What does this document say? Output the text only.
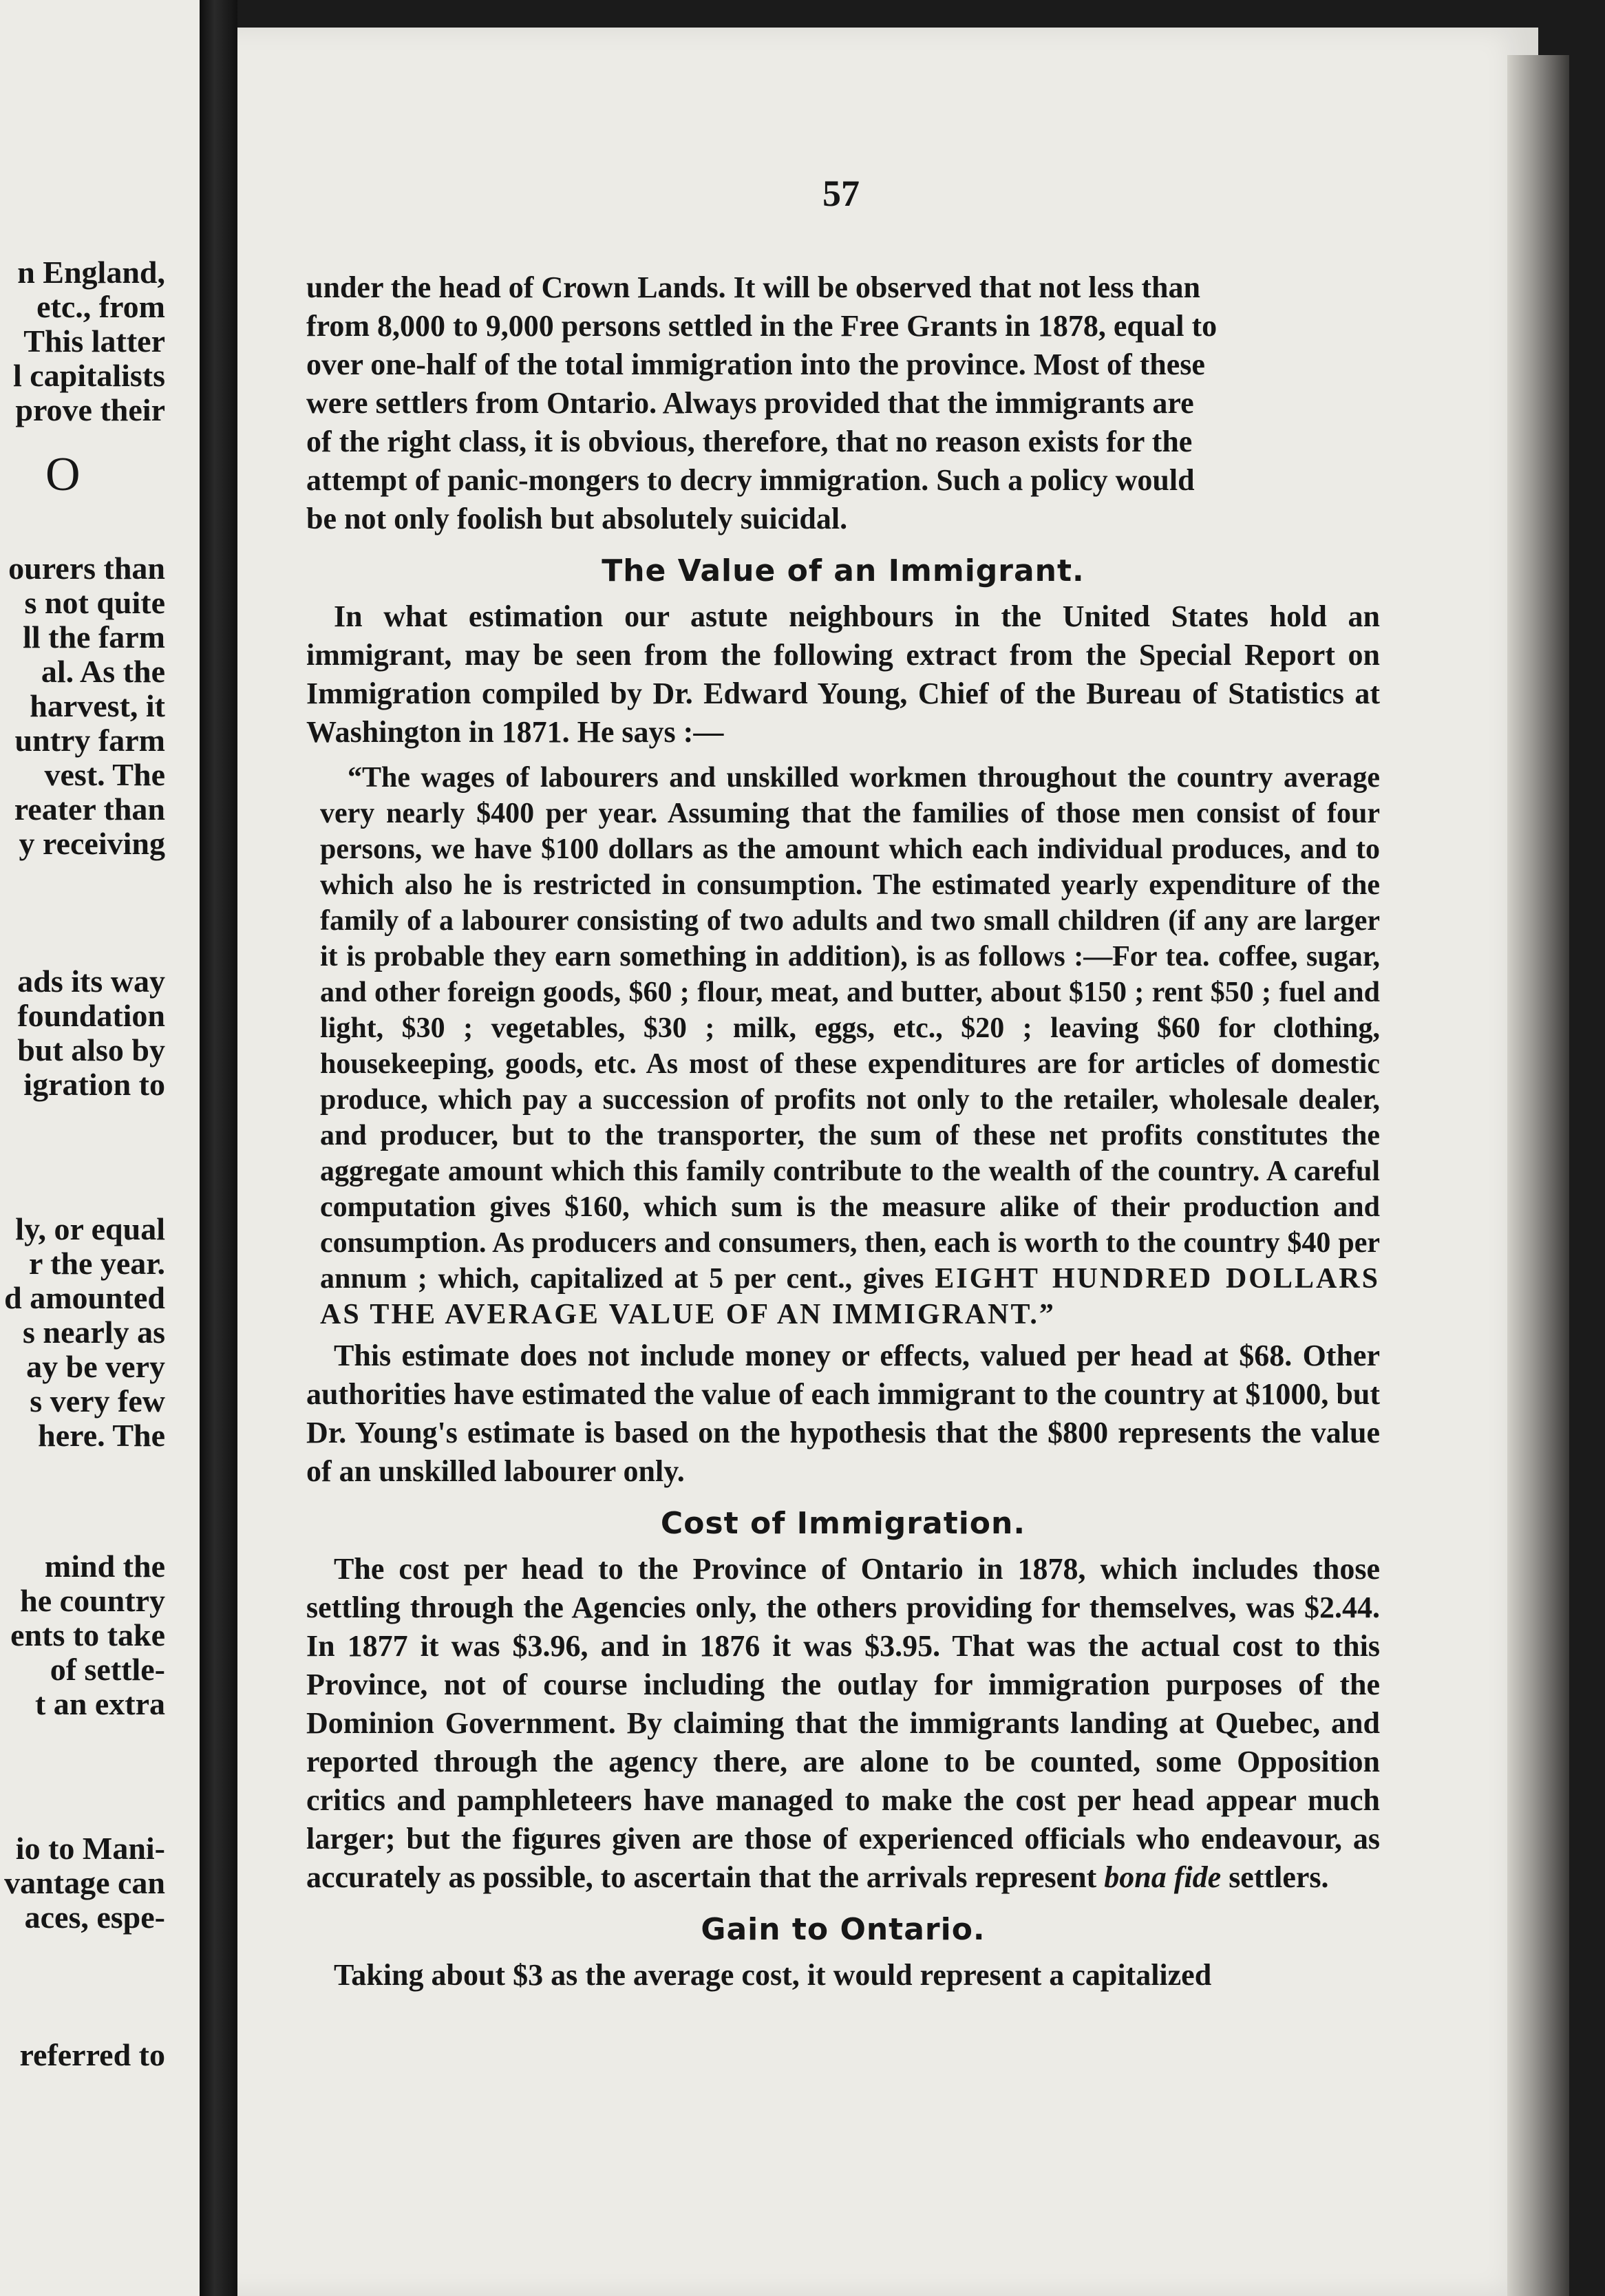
O
n England,
etc., from
This latter
l capitalists
prove their
ourers than
s not quite
ll the farm
al. As the
harvest, it
untry farm
vest. The
reater than
y receiving
ads its way
foundation
but also by
igration to
ly, or equal
r the year.
d amounted
s nearly as
ay be very
s very few
here. The
mind the
he country
ents to take
of settle-
t an extra
io to Mani-
vantage can
aces, espe-
referred to
57
under the head of Crown Lands. It will be observed that not less than
from 8,000 to 9,000 persons settled in the Free Grants in 1878, equal to
over one-half of the total immigration into the province. Most of these
were settlers from Ontario. Always provided that the immigrants are
of the right class, it is obvious, therefore, that no reason exists for the
attempt of panic-mongers to decry immigration. Such a policy would
be not only foolish but absolutely suicidal.
The Value of an Immigrant.

In what estimation our astute neighbours in the United States hold an immigrant, may be seen from the following extract from the Special Report on Immigration compiled by Dr. Edward Young, Chief of the Bureau of Statistics at Washington in 1871. He says :—

“The wages of labourers and unskilled workmen throughout the country average very nearly $400 per year. Assuming that the families of those men consist of four persons, we have $100 dollars as the amount which each individual produces, and to which also he is restricted in consumption. The estimated yearly expenditure of the family of a labourer consisting of two adults and two small children (if any are larger it is probable they earn something in addition), is as follows :—For tea. coffee, sugar, and other foreign goods, $60 ; flour, meat, and butter, about $150 ; rent $50 ; fuel and light, $30 ; vegetables, $30 ; milk, eggs, etc., $20 ; leaving $60 for clothing, housekeeping, goods, etc. As most of these expenditures are for articles of domestic produce, which pay a succession of profits not only to the retailer, wholesale dealer, and producer, but to the transporter, the sum of these net profits constitutes the aggregate amount which this family contribute to the wealth of the country. A careful computation gives $160, which sum is the measure alike of their production and consumption. As producers and consumers, then, each is worth to the country $40 per annum ; which, capitalized at 5 per cent., gives EIGHT HUNDRED DOLLARS AS THE AVERAGE VALUE OF AN IMMIGRANT.”

This estimate does not include money or effects, valued per head at $68. Other authorities have estimated the value of each immigrant to the country at $1000, but Dr. Young's estimate is based on the hypothesis that the $800 represents the value of an unskilled labourer only.

Cost of Immigration.

The cost per head to the Province of Ontario in 1878, which includes those settling through the Agencies only, the others providing for themselves, was $2.44. In 1877 it was $3.96, and in 1876 it was $3.95. That was the actual cost to this Province, not of course including the outlay for immigration purposes of the Dominion Government. By claiming that the immigrants landing at Quebec, and reported through the agency there, are alone to be counted, some Opposition critics and pamphleteers have managed to make the cost per head appear much larger; but the figures given are those of experienced officials who endeavour, as accurately as possible, to ascertain that the arrivals represent bona fide settlers.

Gain to Ontario.

Taking about $3 as the average cost, it would represent a capitalized
